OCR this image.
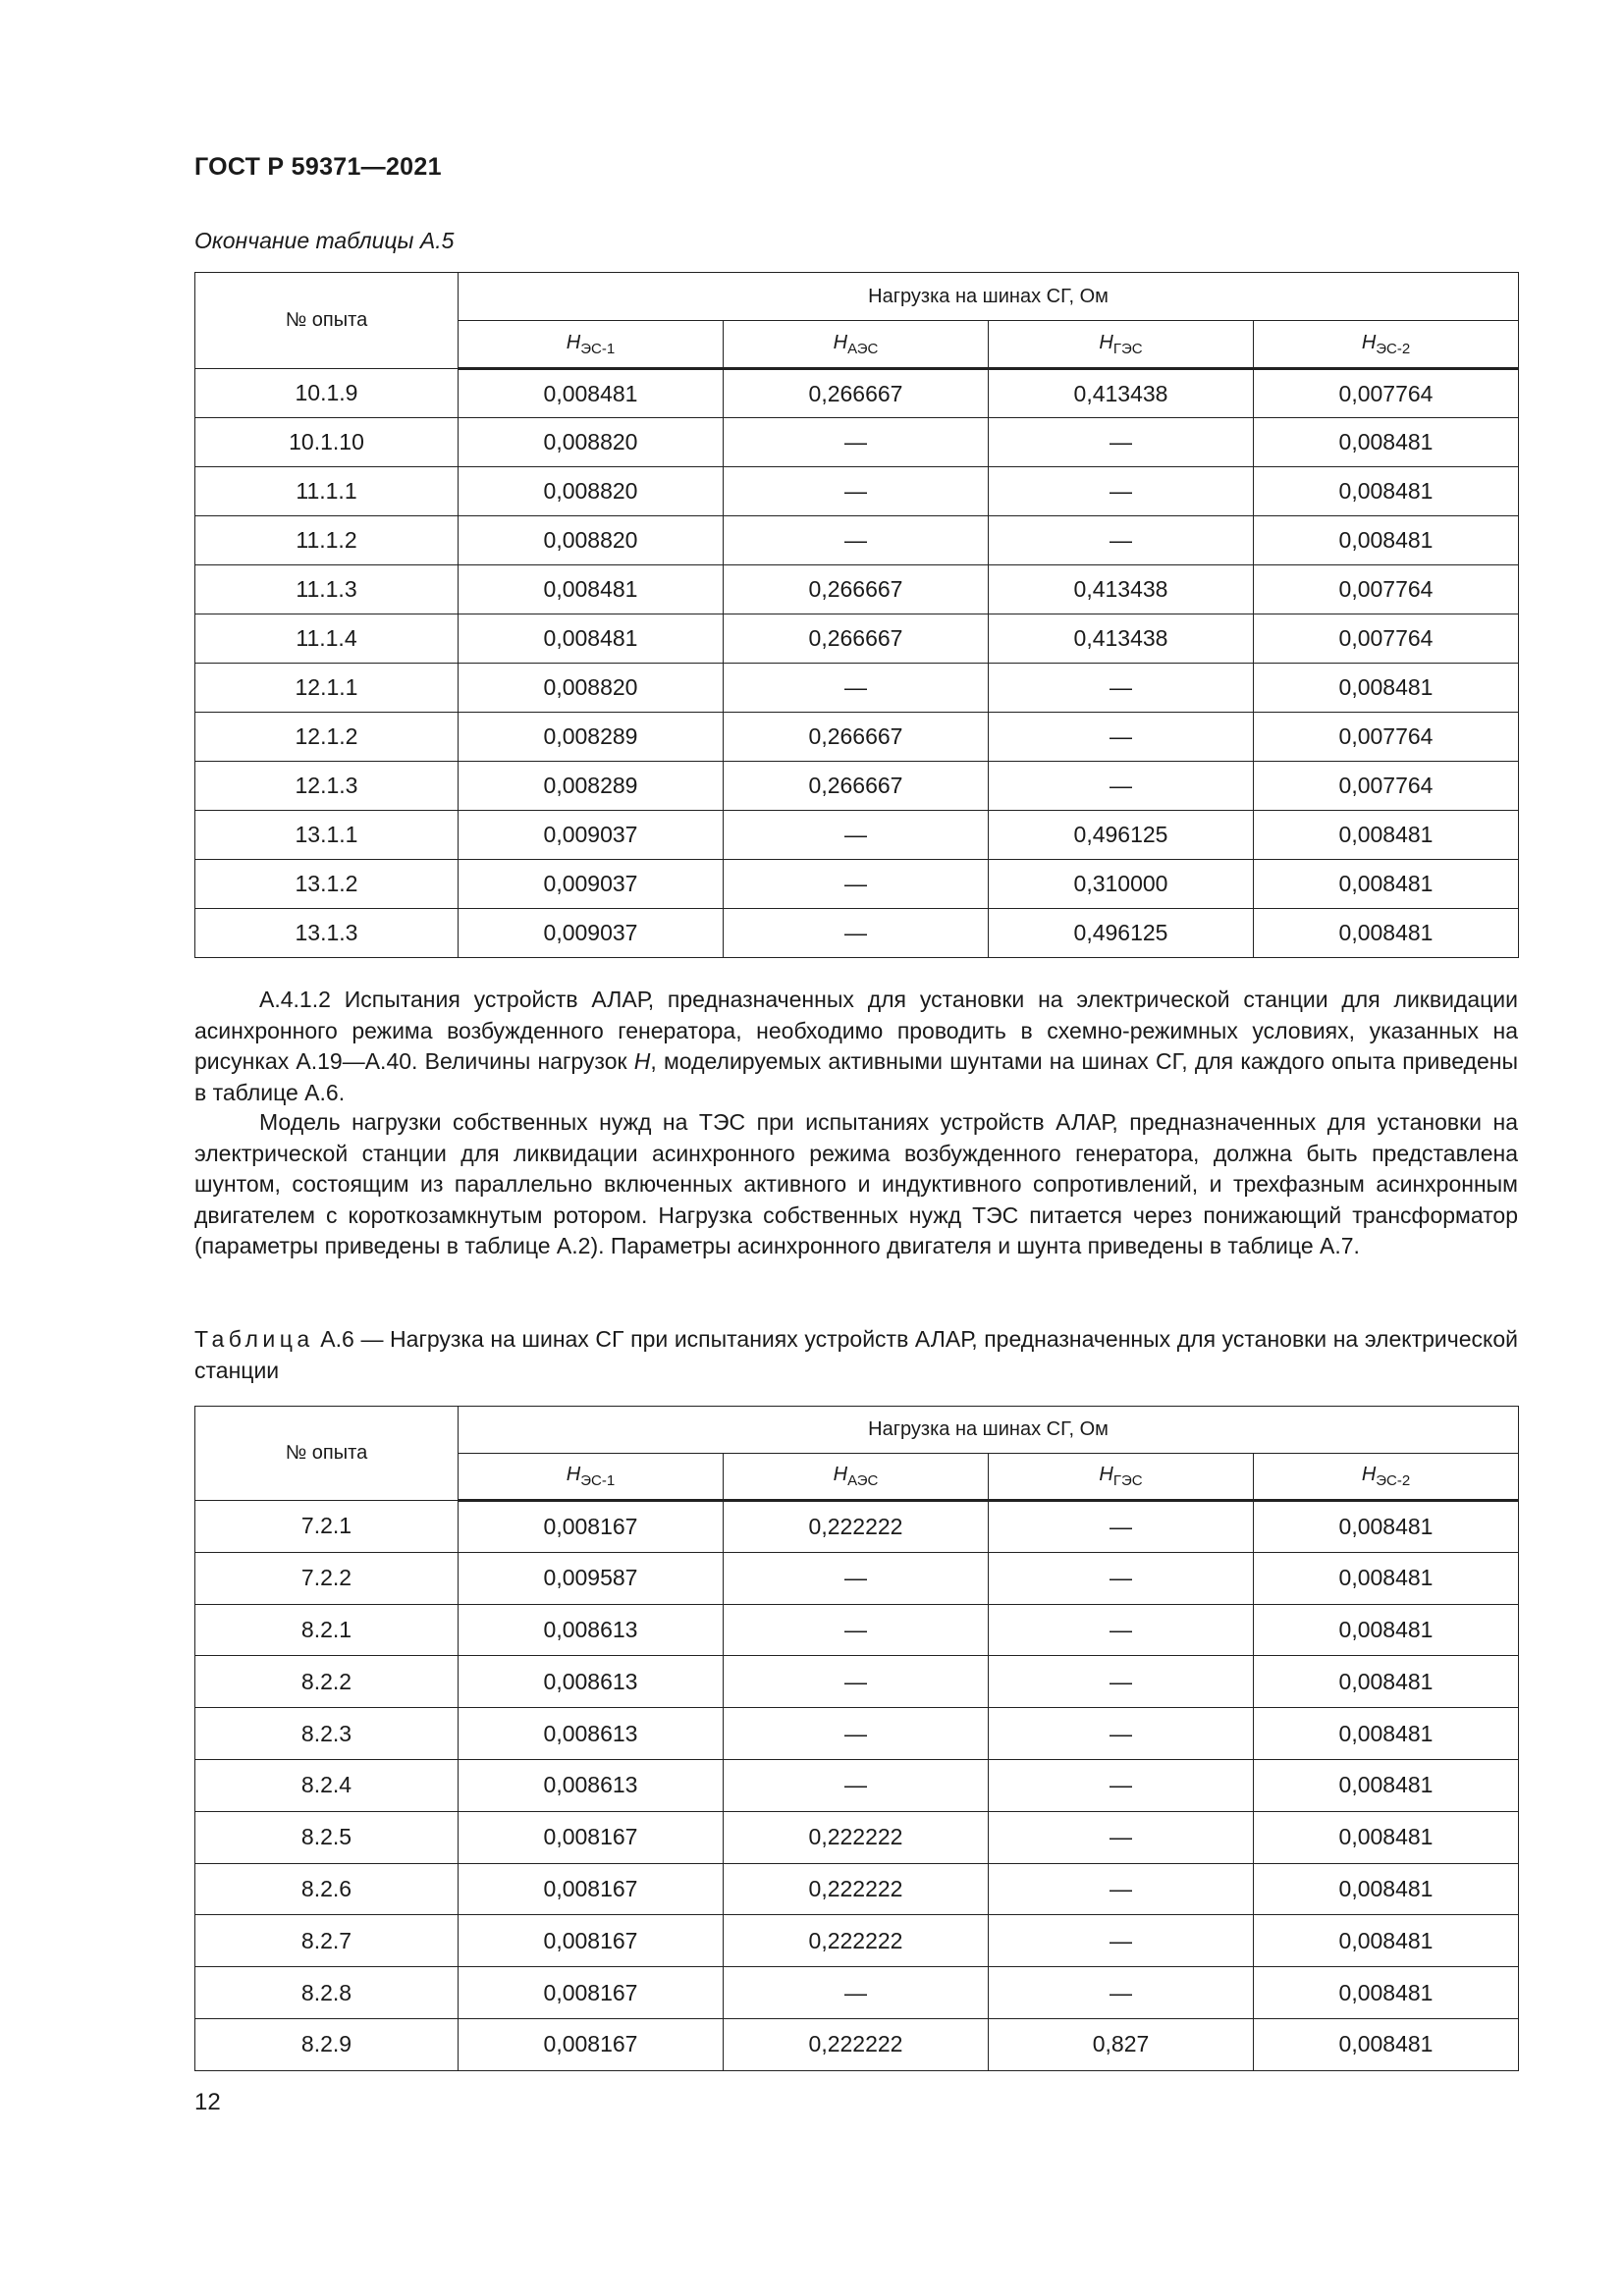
ГОСТ Р 59371—2021
Окончание таблицы А.5
№ опыта	Нагрузка на шинах СГ, Ом			
	$H_{ЭС-1}$	$H_{АЭС}$	$H_{ГЭС}$	$H_{ЭС-2}$
10.1.9	0,008481	0,266667	0,413438	0,007764
10.1.10	0,008820	—	—	0,008481
11.1.1	0,008820	—	—	0,008481
11.1.2	0,008820	—	—	0,008481
11.1.3	0,008481	0,266667	0,413438	0,007764
11.1.4	0,008481	0,266667	0,413438	0,007764
12.1.1	0,008820	—	—	0,008481
12.1.2	0,008289	0,266667	—	0,007764
12.1.3	0,008289	0,266667	—	0,007764
13.1.1	0,009037	—	0,496125	0,008481
13.1.2	0,009037	—	0,310000	0,008481
13.1.3	0,009037	—	0,496125	0,008481

А.4.1.2 Испытания устройств АЛАР, предназначенных для установки на электрической станции для ликвидации асинхронного режима возбужденного генератора, необходимо проводить в схемно-режимных условиях, указанных на рисунках А.19—А.40. Величины нагрузок H, моделируемых активными шунтами на шинах СГ, для каждого опыта приведены в таблице А.6.

Модель нагрузки собственных нужд на ТЭС при испытаниях устройств АЛАР, предназначенных для установки на электрической станции для ликвидации асинхронного режима возбужденного генератора, должна быть представлена шунтом, состоящим из параллельно включенных активного и индуктивного сопротивлений, и трехфазным асинхронным двигателем с короткозамкнутым ротором. Нагрузка собственных нужд ТЭС питается через понижающий трансформатор (параметры приведены в таблице А.2). Параметры асинхронного двигателя и шунта приведены в таблице А.7.

Таблица А.6 — Нагрузка на шинах СГ при испытаниях устройств АЛАР, предназначенных для установки на электрической станции

№ опыта	Нагрузка на шинах СГ, Ом			
	$H_{ЭС-1}$	$H_{АЭС}$	$H_{ГЭС}$	$H_{ЭС-2}$
7.2.1	0,008167	0,222222	—	0,008481
7.2.2	0,009587	—	—	0,008481
8.2.1	0,008613	—	—	0,008481
8.2.2	0,008613	—	—	0,008481
8.2.3	0,008613	—	—	0,008481
8.2.4	0,008613	—	—	0,008481
8.2.5	0,008167	0,222222	—	0,008481
8.2.6	0,008167	0,222222	—	0,008481
8.2.7	0,008167	0,222222	—	0,008481
8.2.8	0,008167	—	—	0,008481
8.2.9	0,008167	0,222222	0,827	0,008481
12
